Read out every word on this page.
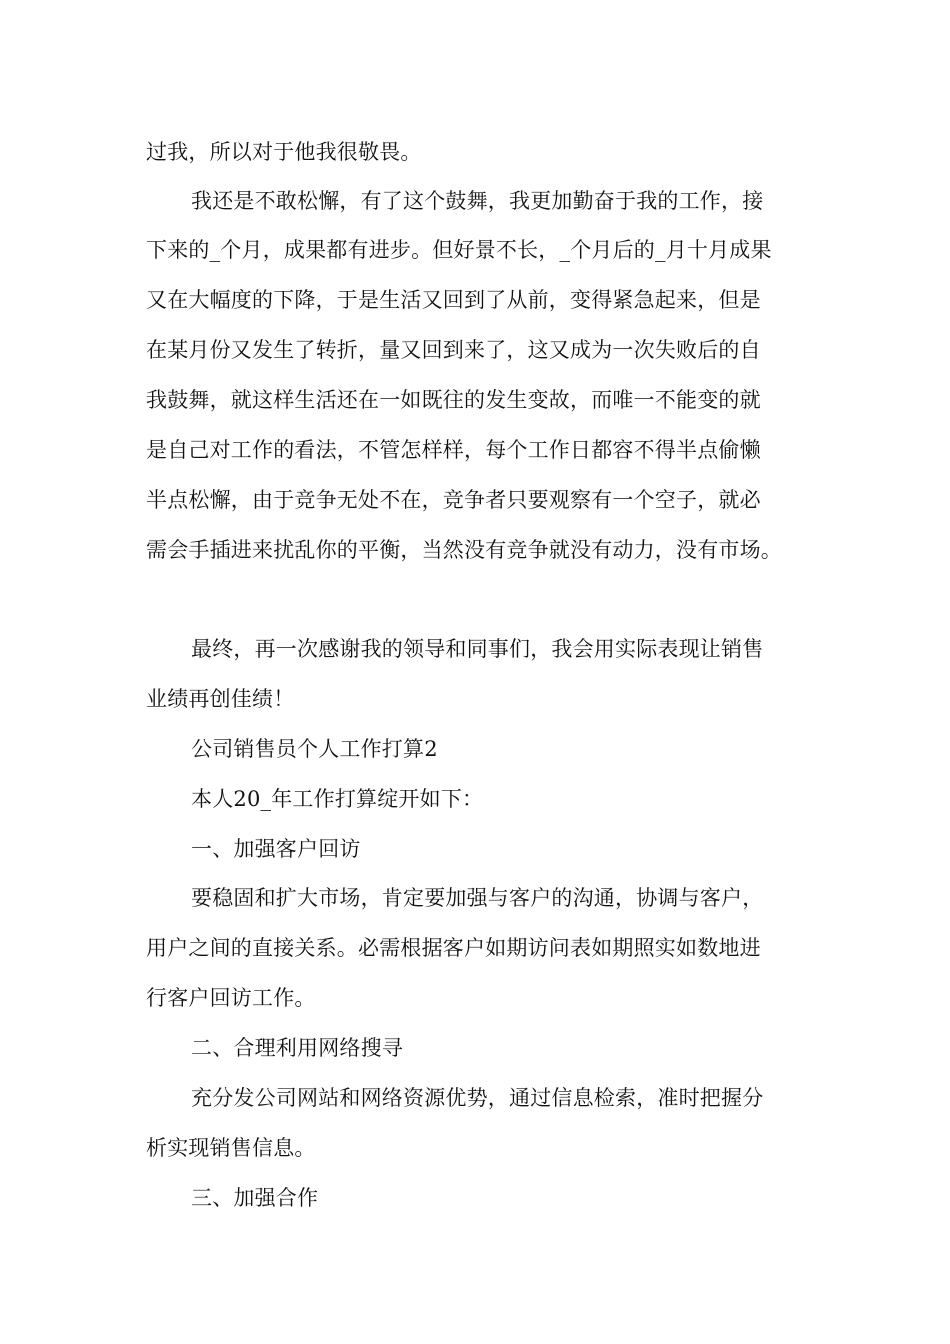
过我，所以对于他我很敬畏。
我还是不敢松懈，有了这个鼓舞，我更加勤奋于我的工作，接
下来的_个月，成果都有进步。但好景不长，_个月后的_月十月成果
又在大幅度的下降，于是生活又回到了从前，变得紧急起来，但是
在某月份又发生了转折，量又回到来了，这又成为一次失败后的自
我鼓舞，就这样生活还在一如既往的发生变故，而唯一不能变的就
是自己对工作的看法，不管怎样样，每个工作日都容不得半点偷懒
半点松懈，由于竞争无处不在，竞争者只要观察有一个空子，就必
需会手插进来扰乱你的平衡，当然没有竞争就没有动力，没有市场。
最终，再一次感谢我的领导和同事们，我会用实际表现让销售
业绩再创佳绩！
公司销售员个人工作打算2
本人20_年工作打算绽开如下：
一、加强客户回访
要稳固和扩大市场，肯定要加强与客户的沟通，协调与客户，
用户之间的直接关系。必需根据客户如期访问表如期照实如数地进
行客户回访工作。
二、合理利用网络搜寻
充分发公司网站和网络资源优势，通过信息检索，准时把握分
析实现销售信息。
三、加强合作
